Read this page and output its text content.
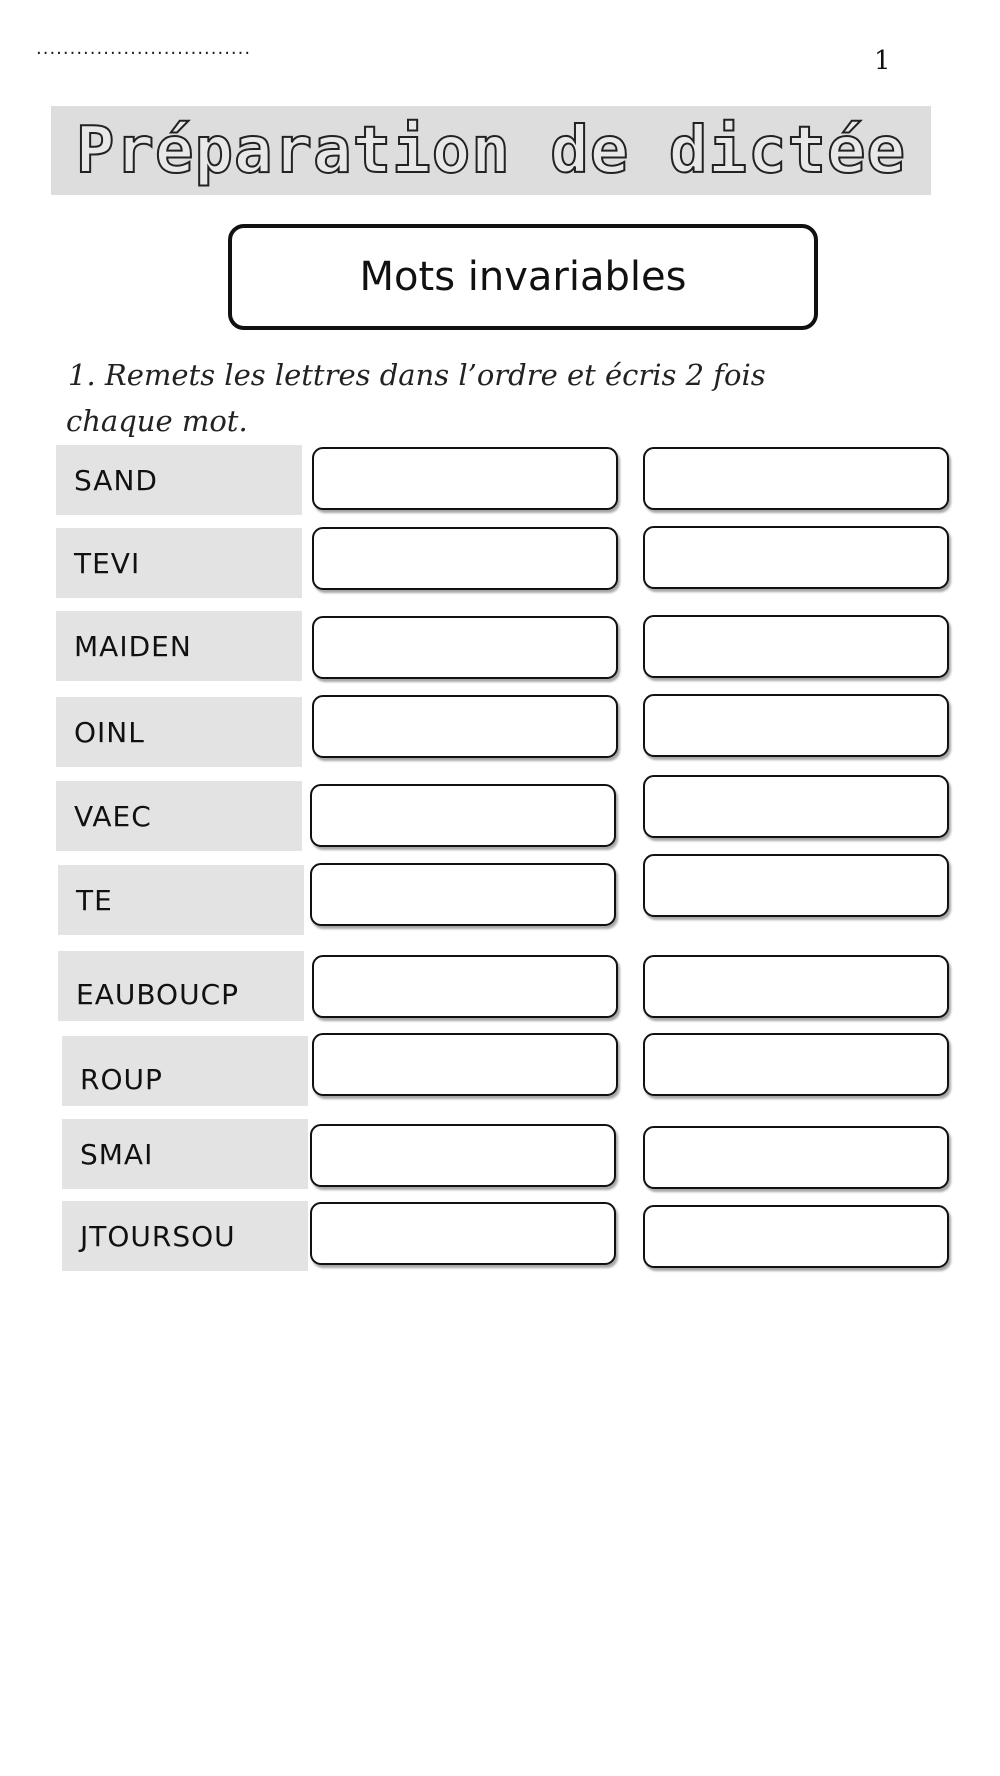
................................	1
Préparation de dictée
Mots invariables
1. Remets les lettres dans l’ordre et écris 2 fois
chaque mot.
SAND
TEVI
MAIDEN
OINL
VAEC
TE
EAUBOUCP
ROUP
SMAI
JTOURSOU
